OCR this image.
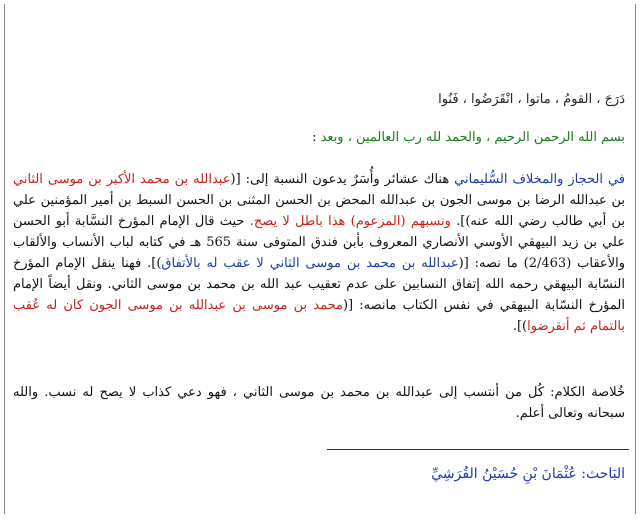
دَرَجَ ، القومُ ، ماتوا ، انْقَرَضُوا ، فَنُوا

بسم الله الرحمن الرحيم ، والحمد لله رب العالمين ، وبعد :

في الحجاز والمخلاف السُّليماني هناك عشائر وأُسَرٌ يدعون النسبة إلى: [(عبدالله بن محمد الأكبر بن موسى الثاني بن عبدالله الرضا بن موسى الجون بن عبدالله المحض بن الحسن المثنى بن الحسن السبط بن أمير المؤمنين علي بن أبي طالب رضي الله عنه)]. ونسبهم (المزعوم) هذا باطل لا يصح. حيث قال الإمام المؤرخ النسَّابة أبو الحسن علي بن زيد البيهقي الأوسي الأنصاري المعروف بأبن فندق المتوفى سنة 565 هـ في كتابه لباب الأنساب والألقاب والأعقاب (2/463) ما نصه: [(عبدالله بن محمد بن موسى الثاني لا عقب له بالأتفاق)]. فهنا ينقل الإمام المؤرخ النسّابة البيهقي رحمه الله إتفاق النسابين على عدم تعقيب عبد الله بن محمد بن موسى الثاني. ونقل أيضاً الإمام المؤرخ النسّابة البيهقي في نفس الكتاب مانصه: [(محمد بن موسى بن عبدالله بن موسى الجون كان له عُقب بالتمام ثم أنقرضوا)].

خُلاصة الكلام: كُل من أنتسب إلى عبدالله بن محمد بن موسى الثاني ، فهو دعي كذاب لا يصح له نسب. والله سبحانه وتعالى أعلم.

البَاحث: عُثْمَانَ بْنِ حُسَيْنُ القُرَشِيِّ
